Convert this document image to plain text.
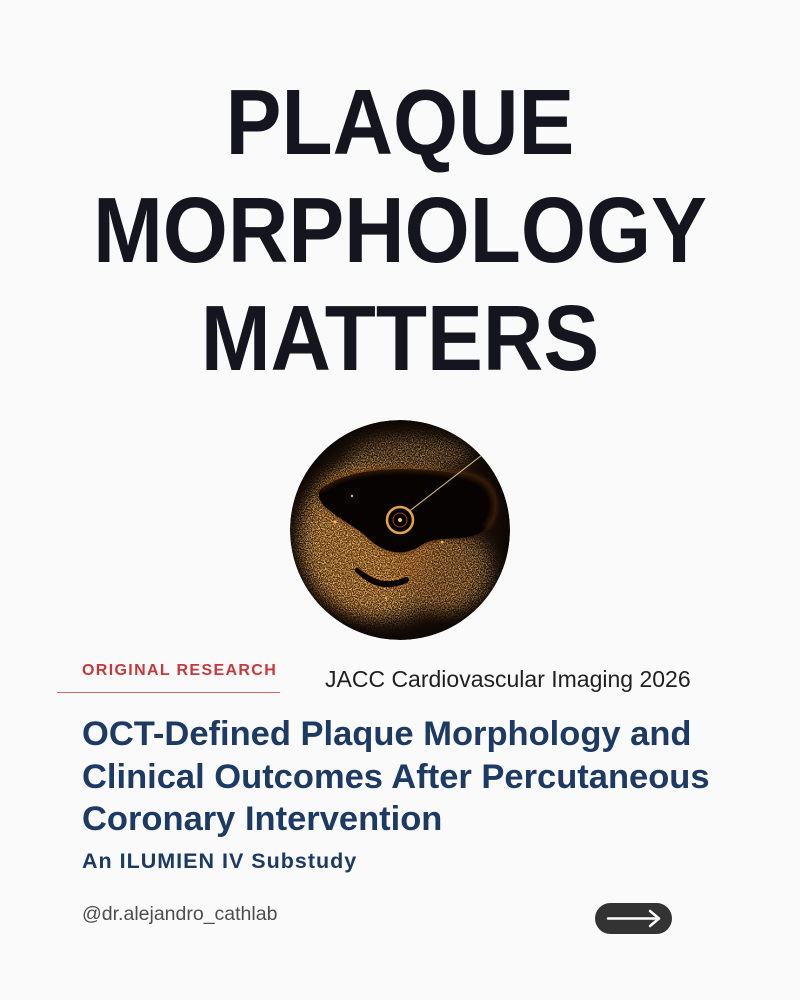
PLAQUE
MORPHOLOGY
MATTERS
ORIGINAL RESEARCH JACC Cardiovascular Imaging 2026
OCT-Defined Plaque Morphology and
Clinical Outcomes After Percutaneous
Coronary Intervention
An ILUMIEN IV Substudy
@dr.alejandro_cathlab
